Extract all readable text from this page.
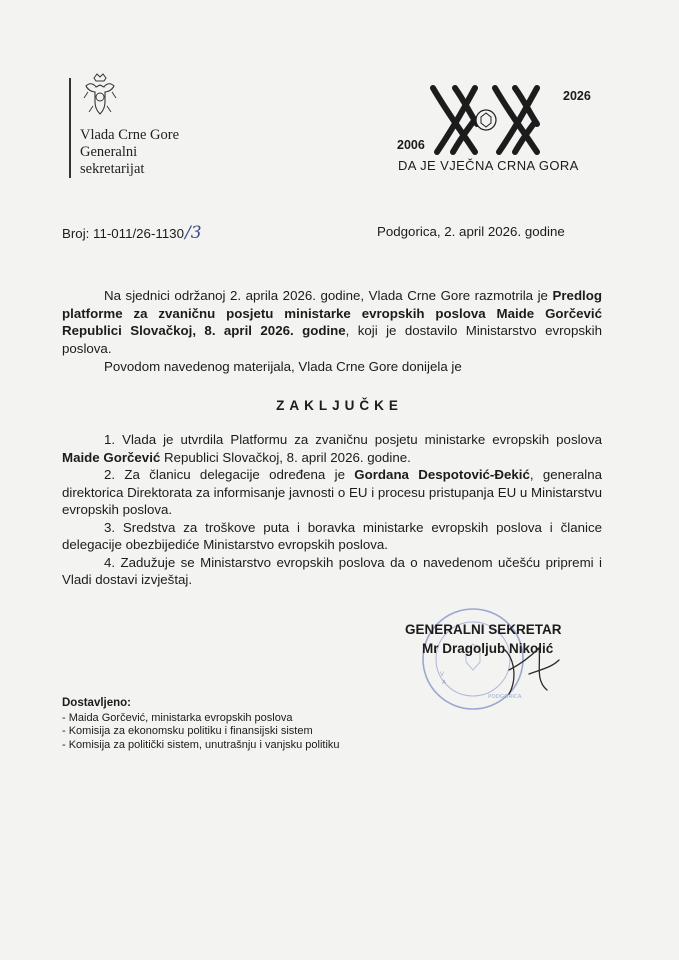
Vlada Crne Gore
Generalni
sekretarijat
2006
2026
DA JE VJEČNA CRNA GORA
Broj: 11-011/26-1130/3	Podgorica, 2. april 2026. godine
Na sjednici održanoj 2. aprila 2026. godine, Vlada Crne Gore razmotrila je Predlog platforme za zvaničnu posjetu ministarke evropskih poslova Maide Gorčević Republici Slovačkoj, 8. april 2026. godine, koji je dostavilo Ministarstvo evropskih poslova.
Povodom navedenog materijala, Vlada Crne Gore donijela je
ZAKLJUČKE

1. Vlada je utvrdila Platformu za zvaničnu posjetu ministarke evropskih poslova Maide Gorčević Republici Slovačkoj, 8. april 2026. godine.

2. Za članicu delegacije određena je Gordana Despotović-Đekić, generalna direktorica Direktorata za informisanje javnosti o EU i procesu pristupanja EU u Ministarstvu evropskih poslova.

3. Sredstva za troškove puta i boravka ministarke evropskih poslova i članice delegacije obezbijediće Ministarstvo evropskih poslova.

4. Zadužuje se Ministarstvo evropskih poslova da o navedenom učešću pripremi i Vladi dostavi izvještaj.

V
A
PODGORICA
GENERALNI SEKRETAR
Mr Dragoljub Nikolić
Dostavljeno:
- Maida Gorčević, ministarka evropskih poslova
- Komisija za ekonomsku politiku i finansijski sistem
- Komisija za politički sistem, unutrašnju i vanjsku politiku
